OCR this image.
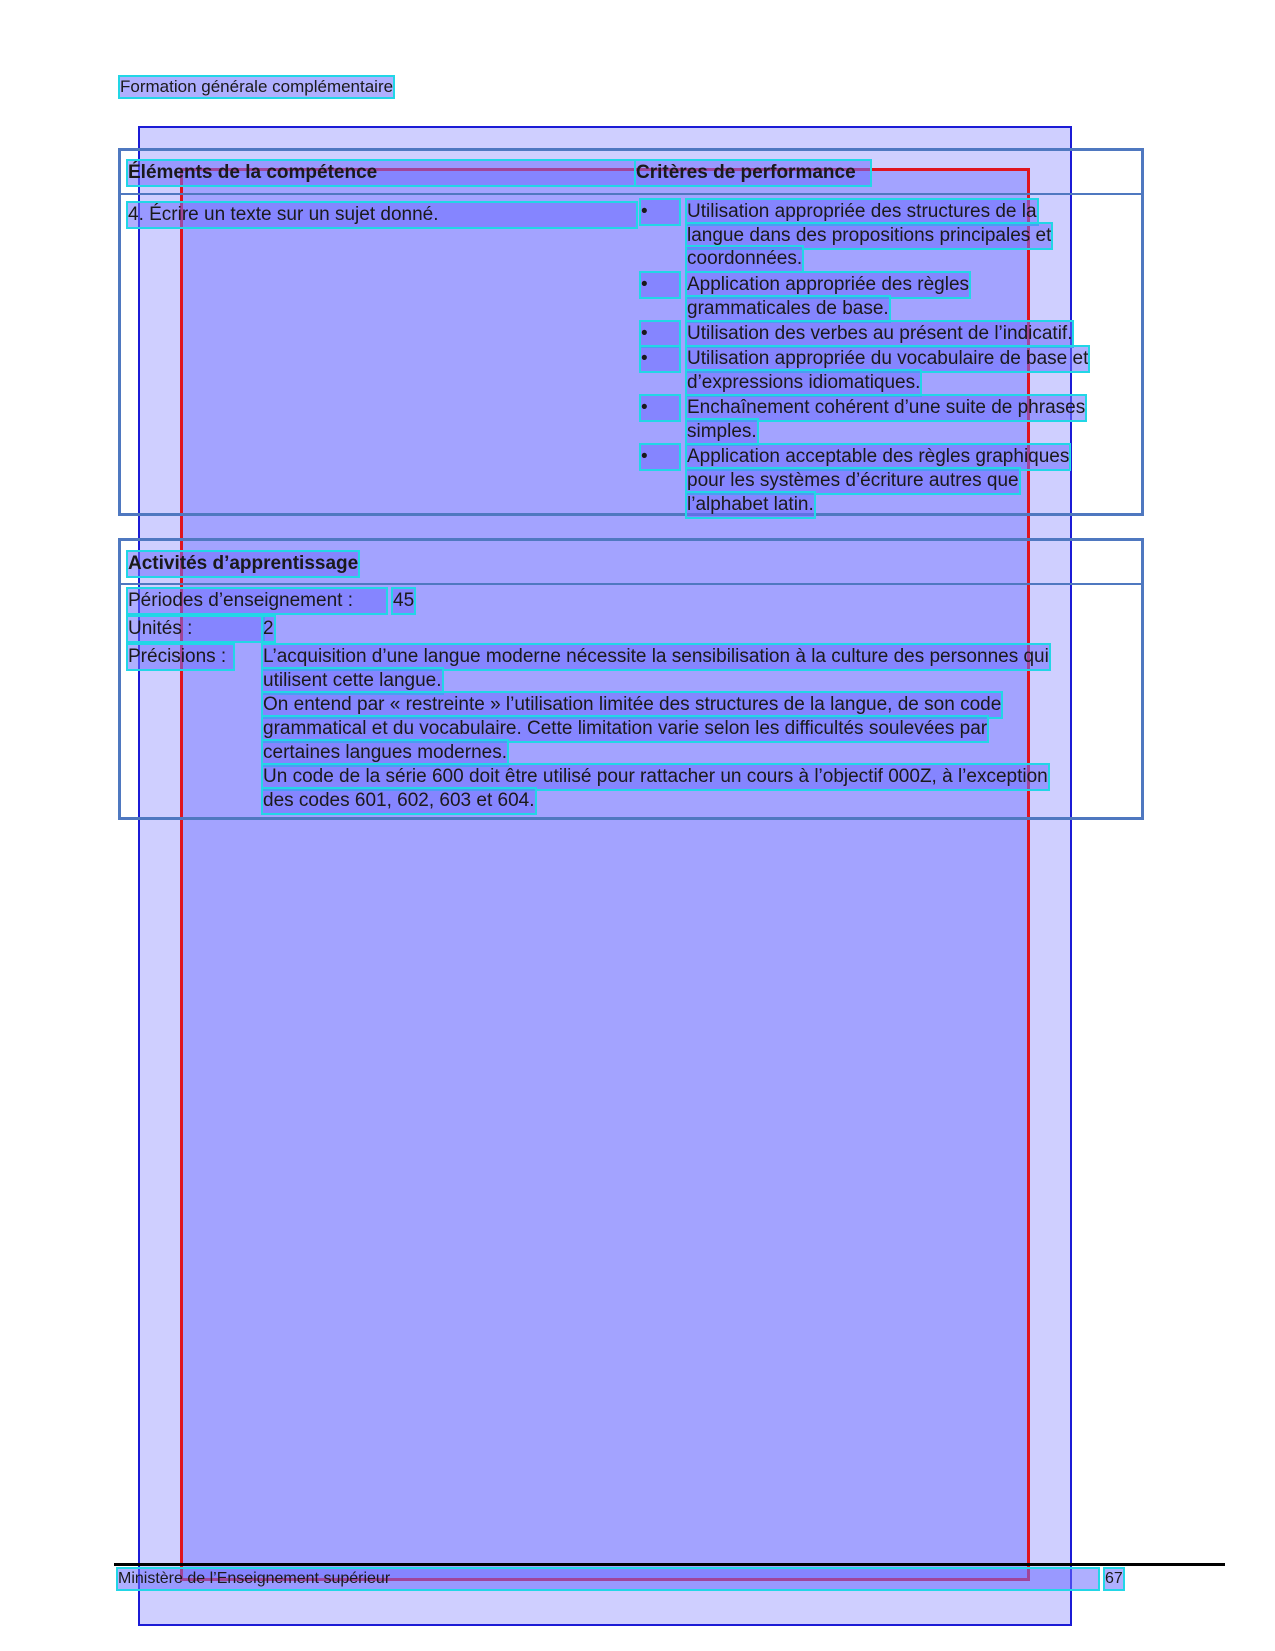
Formation générale complémentaire
Éléments de la compétence	Critères de performance
4. Écrire un texte sur un sujet donné.	•	Utilisation appropriée des structures de la
langue dans des propositions principales et
coordonnées.
•	Application appropriée des règles
grammaticales de base.
•	Utilisation des verbes au présent de l’indicatif.
•	Utilisation appropriée du vocabulaire de base et
d’expressions idiomatiques.
•	Enchaînement cohérent d’une suite de phrases
simples.
•	Application acceptable des règles graphiques
pour les systèmes d’écriture autres que
l’alphabet latin.
Activités d’apprentissage
Périodes d’enseignement :	45
Unités :	2
Précisions :	L’acquisition d’une langue moderne nécessite la sensibilisation à la culture des personnes qui
utilisent cette langue.
On entend par « restreinte » l’utilisation limitée des structures de la langue, de son code
grammatical et du vocabulaire. Cette limitation varie selon les difficultés soulevées par
certaines langues modernes.
Un code de la série 600 doit être utilisé pour rattacher un cours à l’objectif 000Z, à l’exception
des codes 601, 602, 603 et 604.
Ministère de l’Enseignement supérieur	67
